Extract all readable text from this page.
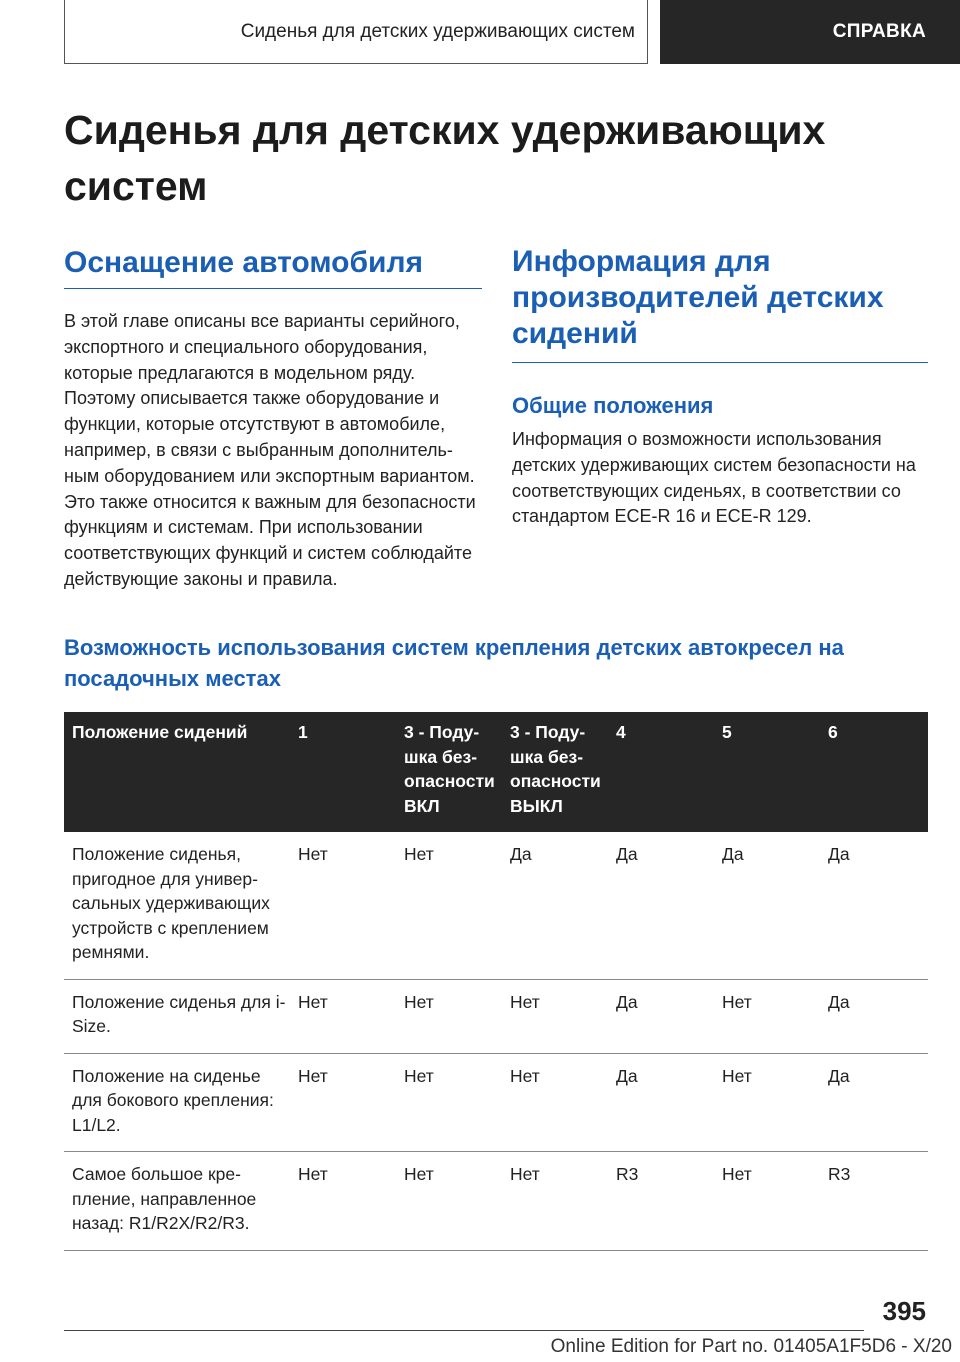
Сиденья для детских удерживающих систем	СПРАВКА
Сиденья для детских удерживающих систем
Оснащение автомобиля

В этой главе описаны все варианты серийного, экспортного и специального оборудования, которые предлагаются в модельном ряду. Поэтому описывается также оборудование и функции, которые отсутствуют в автомобиле, например, в связи с выбранным дополнительным оборудованием или экспортным вариантом. Это также относится к важным для безопасности функциям и системам. При использовании соответствующих функций и систем соблюдайте действующие законы и правила.

Информация для производителей детских сидений
Общие положения

Информация о возможности использования детских удерживающих систем безопасности на соответствующих сиденьях, в соответствии со стандартом ECE-R 16 и ECE-R 129.

Возможность использования систем крепления детских автокресел на посадочных местах
Положение сидений	1	3 - Подушка безопасности ВКЛ	3 - Подушка безопасности ВЫКЛ	4	5	6
Положение сиденья, пригодное для универсальных удерживающих устройств с креплением ремнями.	Нет	Нет	Да	Да	Да	Да
Положение сиденья для i-Size.	Нет	Нет	Нет	Да	Нет	Да
Положение на сиденье для бокового крепления: L1/L2.	Нет	Нет	Нет	Да	Нет	Да
Самое большое крепление, направленное назад: R1/R2X/R2/R3.	Нет	Нет	Нет	R3	Нет	R3
395
Online Edition for Part no. 01405A1F5D6 - X/20
